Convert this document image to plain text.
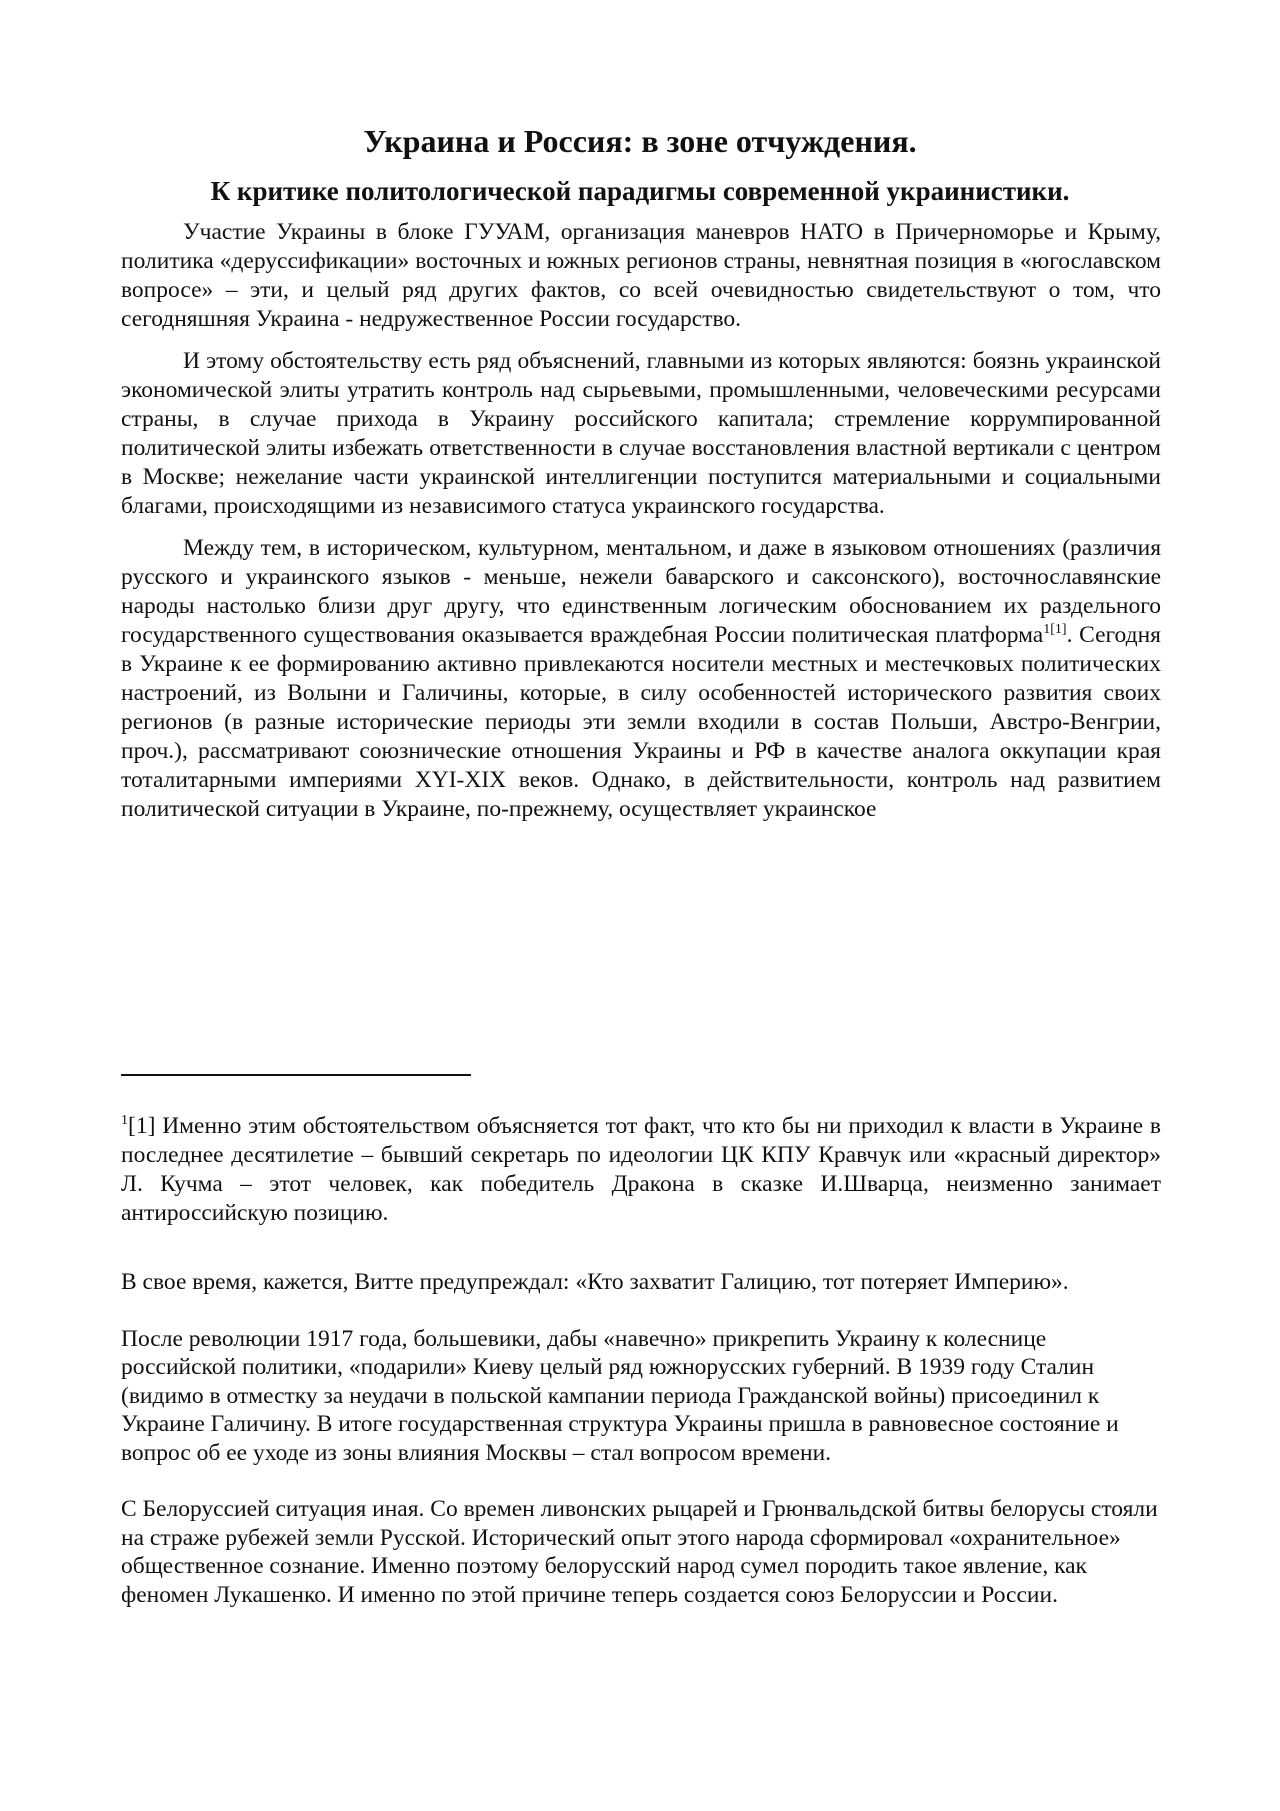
Украина и Россия: в зоне отчуждения.
К критике политологической парадигмы современной украинистики.

Участие Украины в блоке ГУУАМ, организация маневров НАТО в Причерноморье и Крыму, политика «деруссификации» восточных и южных регионов страны, невнятная позиция в «югославском вопросе» – эти, и целый ряд других фактов, со всей очевидностью свидетельствуют о том, что сегодняшняя Украина - недружественное России государство.

И этому обстоятельству есть ряд объяснений, главными из которых являются: боязнь украинской экономической элиты утратить контроль над сырьевыми, промышленными, человеческими ресурсами страны, в случае прихода в Украину российского капитала; стремление коррумпированной политической элиты избежать ответственности в случае восстановления властной вертикали с центром в Москве; нежелание части украинской интеллигенции поступится материальными и социальными благами, происходящими из независимого статуса украинского государства.

Между тем, в историческом, культурном, ментальном, и даже в языковом отношениях (различия русского и украинского языков - меньше, нежели баварского и саксонского), восточнославянские народы настолько близи друг другу, что единственным логическим обоснованием их раздельного государственного существования оказывается враждебная России политическая платформа$^{1[1]}$. Сегодня в Украине к ее формированию активно привлекаются носители местных и местечковых политических настроений, из Волыни и Галичины, которые, в силу особенностей исторического развития своих регионов (в разные исторические периоды эти земли входили в состав Польши, Австро-Венгрии, проч.), рассматривают союзнические отношения Украины и РФ в качестве аналога оккупации края тоталитарными империями XYI-XIX веков. Однако, в действительности, контроль над развитием политической ситуации в Украине, по-прежнему, осуществляет украинское

$^1$[1] Именно этим обстоятельством объясняется тот факт, что кто бы ни приходил к власти в Украине в последнее десятилетие – бывший секретарь по идеологии ЦК КПУ Кравчук или «красный директор» Л. Кучма – этот человек, как победитель Дракона в сказке И.Шварца, неизменно занимает антироссийскую позицию.

В свое время, кажется, Витте предупреждал: «Кто захватит Галицию, тот потеряет Империю».

После революции 1917 года, большевики, дабы «навечно» прикрепить Украину к колеснице российской политики, «подарили» Киеву целый ряд южнорусских губерний. В 1939 году Сталин (видимо в отместку за неудачи в польской кампании периода Гражданской войны) присоединил к Украине Галичину. В итоге государственная структура Украины пришла в равновесное состояние и вопрос об ее уходе из зоны влияния Москвы – стал вопросом времени.

С Белоруссией ситуация иная. Со времен ливонских рыцарей и Грюнвальдской битвы белорусы стояли на страже рубежей земли Русской. Исторический опыт этого народа сформировал «охранительное» общественное сознание. Именно поэтому белорусский народ сумел породить такое явление, как феномен Лукашенко. И именно по этой причине теперь создается союз Белоруссии и России.
